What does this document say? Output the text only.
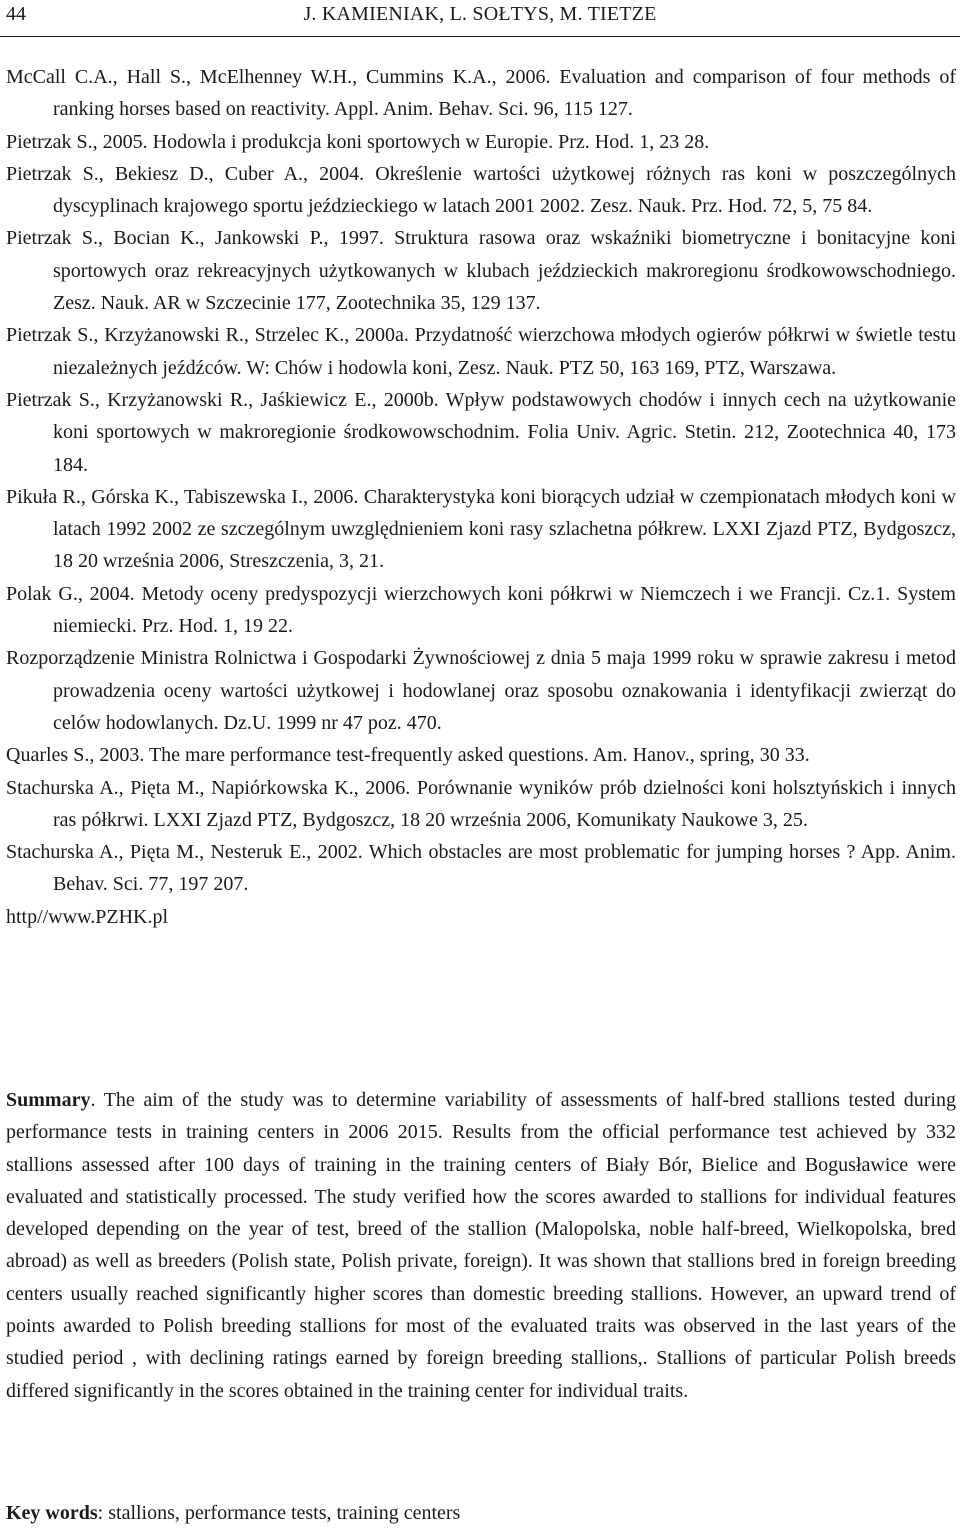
44	J. KAMIENIAK, L. SOŁTYS, M. TIETZE
McCall C.A., Hall S., McElhenney W.H., Cummins K.A., 2006. Evaluation and comparison of four methods of ranking horses based on reactivity. Appl. Anim. Behav. Sci. 96, 115 127.
Pietrzak S., 2005. Hodowla i produkcja koni sportowych w Europie. Prz. Hod. 1, 23 28.
Pietrzak S., Bekiesz D., Cuber A., 2004. Określenie wartości użytkowej różnych ras koni w poszczególnych dyscyplinach krajowego sportu jeździeckiego w latach 2001 2002. Zesz. Nauk. Prz. Hod. 72, 5, 75 84.
Pietrzak S., Bocian K., Jankowski P., 1997. Struktura rasowa oraz wskaźniki biometryczne i bonitacyjne koni sportowych oraz rekreacyjnych użytkowanych w klubach jeździeckich makroregionu środkowowschodniego. Zesz. Nauk. AR w Szczecinie 177, Zootechnika 35, 129 137.
Pietrzak S., Krzyżanowski R., Strzelec K., 2000a. Przydatność wierzchowa młodych ogierów półkrwi w świetle testu niezależnych jeźdźców. W: Chów i hodowla koni, Zesz. Nauk. PTZ 50, 163 169, PTZ, Warszawa.
Pietrzak S., Krzyżanowski R., Jaśkiewicz E., 2000b. Wpływ podstawowych chodów i innych cech na użytkowanie koni sportowych w makroregionie środkowowschodnim. Folia Univ. Agric. Stetin. 212, Zootechnica 40, 173 184.
Pikuła R., Górska K., Tabiszewska I., 2006. Charakterystyka koni biorących udział w czempionatach młodych koni w latach 1992 2002 ze szczególnym uwzględnieniem koni rasy szlachetna półkrew. LXXI Zjazd PTZ, Bydgoszcz, 18 20 września 2006, Streszczenia, 3, 21.
Polak G., 2004. Metody oceny predyspozycji wierzchowych koni półkrwi w Niemczech i we Francji. Cz.1. System niemiecki. Prz. Hod. 1, 19 22.
Rozporządzenie Ministra Rolnictwa i Gospodarki Żywnościowej z dnia 5 maja 1999 roku w sprawie zakresu i metod prowadzenia oceny wartości użytkowej i hodowlanej oraz sposobu oznakowania i identyfikacji zwierząt do celów hodowlanych. Dz.U. 1999 nr 47 poz. 470.
Quarles S., 2003. The mare performance test-frequently asked questions. Am. Hanov., spring, 30 33.
Stachurska A., Pięta M., Napiórkowska K., 2006. Porównanie wyników prób dzielności koni holsztyńskich i innych ras półkrwi. LXXI Zjazd PTZ, Bydgoszcz, 18 20 września 2006, Komunikaty Naukowe 3, 25.
Stachurska A., Pięta M., Nesteruk E., 2002. Which obstacles are most problematic for jumping horses ? App. Anim. Behav. Sci. 77, 197 207.
http//www.PZHK.pl

Summary. The aim of the study was to determine variability of assessments of half-bred stallions tested during performance tests in training centers in 2006 2015. Results from the official performance test achieved by 332 stallions assessed after 100 days of training in the training centers of Biały Bór, Bielice and Bogusławice were evaluated and statistically processed. The study verified how the scores awarded to stallions for individual features developed depending on the year of test, breed of the stallion (Malopolska, noble half-breed, Wielkopolska, bred abroad) as well as breeders (Polish state, Polish private, foreign). It was shown that stallions bred in foreign breeding centers usually reached significantly higher scores than domestic breeding stallions. However, an upward trend of points awarded to Polish breeding stallions for most of the evaluated traits was observed in the last years of the studied period , with declining ratings earned by foreign breeding stallions,. Stallions of particular Polish breeds differed significantly in the scores obtained in the training center for individual traits.

Key words: stallions, performance tests, training centers
